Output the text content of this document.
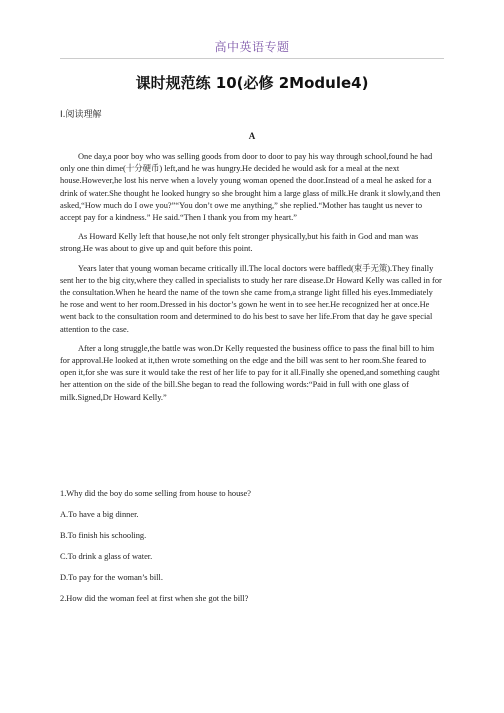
高中英语专题
课时规范练 10(必修 2Module4)
Ⅰ.阅读理解
A

One day,a poor boy who was selling goods from door to door to pay his way through school,found he had only one thin dime(十分硬币) left,and he was hungry.He decided he would ask for a meal at the next house.However,he lost his nerve when a lovely young woman opened the door.Instead of a meal he asked for a drink of water.She thought he looked hungry so she brought him a large glass of milk.He drank it slowly,and then asked,“How much do I owe you?”“You don’t owe me anything,” she replied.“Mother has taught us never to accept pay for a kindness.” He said.“Then I thank you from my heart.”

As Howard Kelly left that house,he not only felt stronger physically,but his faith in God and man was strong.He was about to give up and quit before this point.

Years later that young woman became critically ill.The local doctors were baffled(束手无策).They finally sent her to the big city,where they called in specialists to study her rare disease.Dr Howard Kelly was called in for the consultation.When he heard the name of the town she came from,a strange light filled his eyes.Immediately he rose and went to her room.Dressed in his doctor’s gown he went in to see her.He recognized her at once.He went back to the consultation room and determined to do his best to save her life.From that day he gave special attention to the case.

After a long struggle,the battle was won.Dr Kelly requested the business office to pass the final bill to him for approval.He looked at it,then wrote something on the edge and the bill was sent to her room.She feared to open it,for she was sure it would take the rest of her life to pay for it all.Finally she opened,and something caught her attention on the side of the bill.She began to read the following words:“Paid in full with one glass of milk.Signed,Dr Howard Kelly.”

1.Why did the boy do some selling from house to house?

A.To have a big dinner.

B.To finish his schooling.

C.To drink a glass of water.

D.To pay for the woman’s bill.

2.How did the woman feel at first when she got the bill?
